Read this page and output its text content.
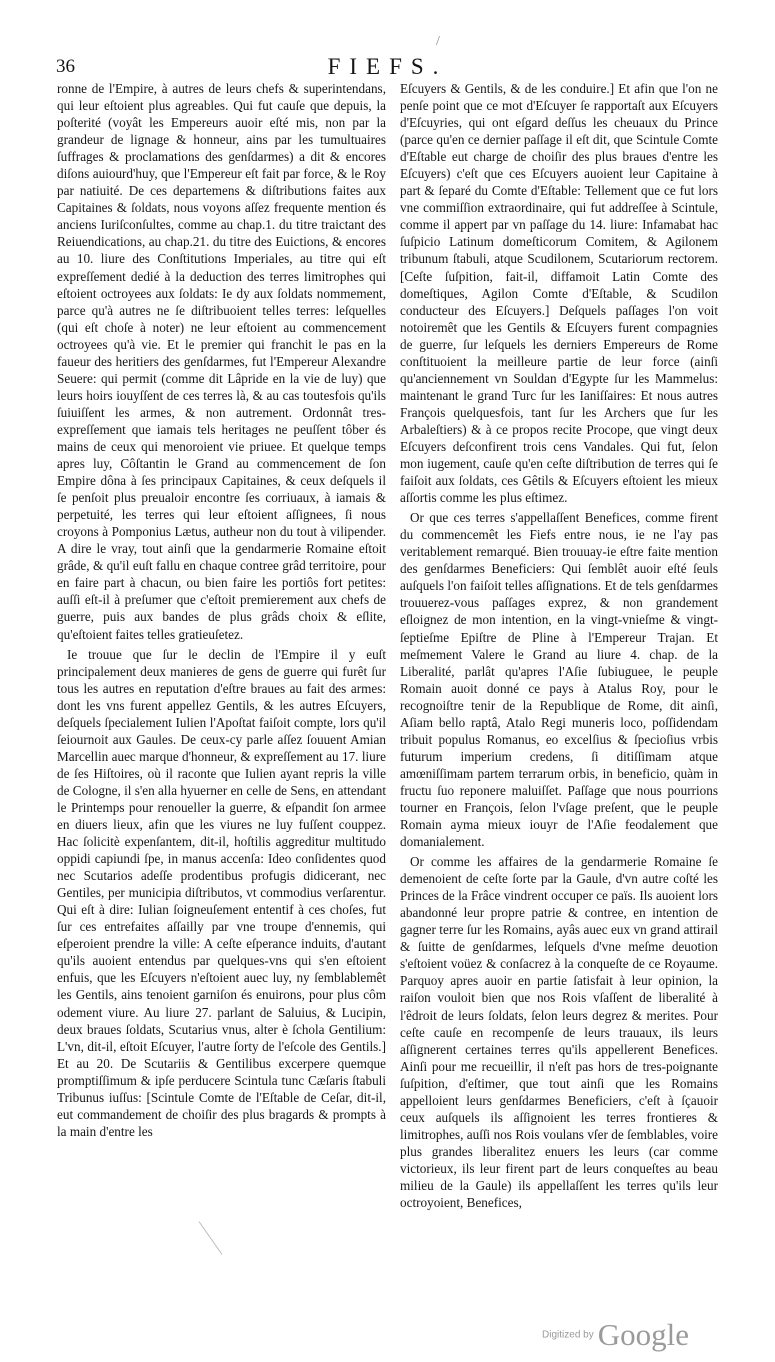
/
36	FIEFS.

ronne de l'Empire, à autres de leurs chefs & superintendans, qui leur eſtoient plus agreables. Qui fut cauſe que depuis, la poſterité (voyât les Empereurs auoir eſté mis, non par la grandeur de lignage & honneur, ains par les tumultuaires ſuffrages & proclamations des genſdarmes) a dit & encores diſons auiourd'huy, que l'Empereur eſt fait par force, & le Roy par natiuité. De ces departemens & diſtributions faites aux Capitaines & ſoldats, nous voyons aſſez frequente mention és anciens Iuriſconſultes, comme au chap.1. du titre traictant des Reiuendications, au chap.21. du titre des Euictions, & encores au 10. liure des Conſtitutions Imperiales, au titre qui eſt expreſſement dedié à la deduction des terres limitrophes qui eſtoient octroyees aux ſoldats: Ie dy aux ſoldats nommement, parce qu'à autres ne ſe diſtribuoient telles terres: leſquelles (qui eſt choſe à noter) ne leur eſtoient au commencement octroyees qu'à vie. Et le premier qui franchit le pas en la faueur des heritiers des genſdarmes, fut l'Empereur Alexandre Seuere: qui permit (comme dit Lâpride en la vie de luy) que leurs hoirs iouyſſent de ces terres là, & au cas toutesfois qu'ils ſuiuiſſent les armes, & non autrement. Ordonnât tres-expreſſement que iamais tels heritages ne peuſſent tôber és mains de ceux qui menoroient vie priuee. Et quelque temps apres luy, Côſtantin le Grand au commencement de ſon Empire dôna à ſes principaux Capitaines, & ceux deſquels il ſe penſoit plus preualoir encontre ſes corriuaux, à iamais & perpetuité, les terres qui leur eſtoient aſſignees, ſi nous croyons à Pomponius Lætus, autheur non du tout à vilipender. A dire le vray, tout ainſi que la gendarmerie Romaine eſtoit grâde, & qu'il euſt fallu en chaque contree grâd territoire, pour en faire part à chacun, ou bien faire les portiôs fort petites: auſſi eſt-il à preſumer que c'eſtoit premierement aux chefs de guerre, puis aux bandes de plus grâds choix & eſlite, qu'eſtoient faites telles gratieuſetez.

Ie trouue que ſur le declin de l'Empire il y euſt principalement deux manieres de gens de guerre qui furêt ſur tous les autres en reputation d'eſtre braues au fait des armes: dont les vns furent appellez Gentils, & les autres Eſcuyers, deſquels ſpecialement Iulien l'Apoſtat faiſoit compte, lors qu'il ſeiournoit aux Gaules. De ceux-cy parle aſſez ſouuent Amian Marcellin auec marque d'honneur, & expreſſement au 17. liure de ſes Hiſtoires, où il raconte que Iulien ayant repris la ville de Cologne, il s'en alla hyuerner en celle de Sens, en attendant le Printemps pour renoueller la guerre, & eſpandit ſon armee en diuers lieux, afin que les viures ne luy fuſſent couppez. Hac ſolicitè expenſantem, dit-il, hoſtilis aggreditur multitudo oppidi capiundi ſpe, in manus accenſa: Ideo conſidentes quod nec Scutarios adeſſe prodentibus profugis didicerant, nec Gentiles, per municipia diſtributos, vt commodius verſarentur. Qui eſt à dire: Iulian ſoigneuſement ententif à ces choſes, fut ſur ces entrefaites aſſailly par vne troupe d'ennemis, qui eſperoient prendre la ville: A ceſte eſperance induits, d'autant qu'ils auoient entendus par quelques-vns qui s'en eſtoient enfuis, que les Eſcuyers n'eſtoient auec luy, ny ſemblablemêt les Gentils, ains tenoient garniſon és enuirons, pour plus côm odement viure. Au liure 27. parlant de Saluius, & Lucipin, deux braues ſoldats, Scutarius vnus, alter è ſchola Gentilium: L'vn, dit-il, eſtoit Eſcuyer, l'autre ſorty de l'eſcole des Gentils.] Et au 20. De Scutariis & Gentilibus excerpere quemque promptiſſimum & ipſe perducere Scintula tunc Cæſaris ſtabuli Tribunus iuſſus: [Scintule Comte de l'Eſtable de Ceſar, dit-il, eut commandement de choiſir des plus bragards & prompts à la main d'entre les

Eſcuyers & Gentils, & de les conduire.] Et afin que l'on ne penſe point que ce mot d'Eſcuyer ſe rapportaſt aux Eſcuyers d'Eſcuyries, qui ont eſgard deſſus les cheuaux du Prince (parce qu'en ce dernier paſſage il eſt dit, que Scintule Comte d'Eſtable eut charge de choiſir des plus braues d'entre les Eſcuyers) c'eſt que ces Eſcuyers auoient leur Capitaine à part & ſeparé du Comte d'Eſtable: Tellement que ce fut lors vne commiſſion extraordinaire, qui fut addreſſee à Scintule, comme il appert par vn paſſage du 14. liure: Infamabat hac ſuſpicio Latinum domeſticorum Comitem, & Agilonem tribunum ſtabuli, atque Scudilonem, Scutariorum rectorem. [Ceſte ſuſpition, fait-il, diffamoit Latin Comte des domeſtiques, Agilon Comte d'Eſtable, & Scudilon conducteur des Eſcuyers.] Deſquels paſſages l'on voit notoiremêt que les Gentils & Eſcuyers furent compagnies de guerre, ſur leſquels les derniers Empereurs de Rome conſtituoient la meilleure partie de leur force (ainſi qu'anciennement vn Souldan d'Egypte ſur les Mammelus: maintenant le grand Turc ſur les Ianiſſaires: Et nous autres François quelquesfois, tant ſur les Archers que ſur les Arbaleſtiers) & à ce propos recite Procope, que vingt deux Eſcuyers deſconfirent trois cens Vandales. Qui fut, ſelon mon iugement, cauſe qu'en ceſte diſtribution de terres qui ſe faiſoit aux ſoldats, ces Gêtils & Eſcuyers eſtoient les mieux aſſortis comme les plus eſtimez.

Or que ces terres s'appellaſſent Benefices, comme firent du commencemêt les Fiefs entre nous, ie ne l'ay pas veritablement remarqué. Bien trouuay-ie eſtre faite mention des genſdarmes Beneficiers: Qui ſemblêt auoir eſté ſeuls auſquels l'on faiſoit telles aſſignations. Et de tels genſdarmes trouuerez-vous paſſages exprez, & non grandement eſloignez de mon intention, en la vingt-vnieſme & vingt-ſeptieſme Epiſtre de Pline à l'Empereur Trajan. Et meſmement Valere le Grand au liure 4. chap. de la Liberalité, parlât qu'apres l'Aſie ſubiuguee, le peuple Romain auoit donné ce pays à Atalus Roy, pour le recognoiſtre tenir de la Republique de Rome, dit ainſi, Aſiam bello raptâ, Atalo Regi muneris loco, poſſidendam tribuit populus Romanus, eo excelſius & ſpecioſius vrbis futurum imperium credens, ſi ditiſſimam atque amœniſſimam partem terrarum orbis, in beneficio, quàm in fructu ſuo reponere maluiſſet. Paſſage que nous pourrions tourner en François, ſelon l'vſage preſent, que le peuple Romain ayma mieux iouyr de l'Aſie feodalement que domanialement.

Or comme les affaires de la gendarmerie Romaine ſe demenoient de ceſte ſorte par la Gaule, d'vn autre coſté les Princes de la Frâce vindrent occuper ce païs. Ils auoient lors abandonné leur propre patrie & contree, en intention de gagner terre ſur les Romains, ayâs auec eux vn grand attirail & ſuitte de genſdarmes, leſquels d'vne meſme deuotion s'eſtoient voüez & conſacrez à la conqueſte de ce Royaume. Parquoy apres auoir en partie ſatisfait à leur opinion, la raiſon vouloit bien que nos Rois vſaſſent de liberalité à l'êdroit de leurs ſoldats, ſelon leurs degrez & merites. Pour ceſte cauſe en recompenſe de leurs trauaux, ils leurs aſſignerent certaines terres qu'ils appellerent Benefices. Ainſi pour me recueillir, il n'eſt pas hors de tres-poignante ſuſpition, d'eſtimer, que tout ainſi que les Romains appelloient leurs genſdarmes Beneficiers, c'eſt à ſçauoir ceux auſquels ils aſſignoient les terres frontieres & limitrophes, auſſi nos Rois voulans vſer de ſemblables, voire plus grandes liberalitez enuers les leurs (car comme victorieux, ils leur firent part de leurs conqueſtes au beau milieu de la Gaule) ils appellaſſent les terres qu'ils leur octroyoient, Benefices,

Digitized by Google
